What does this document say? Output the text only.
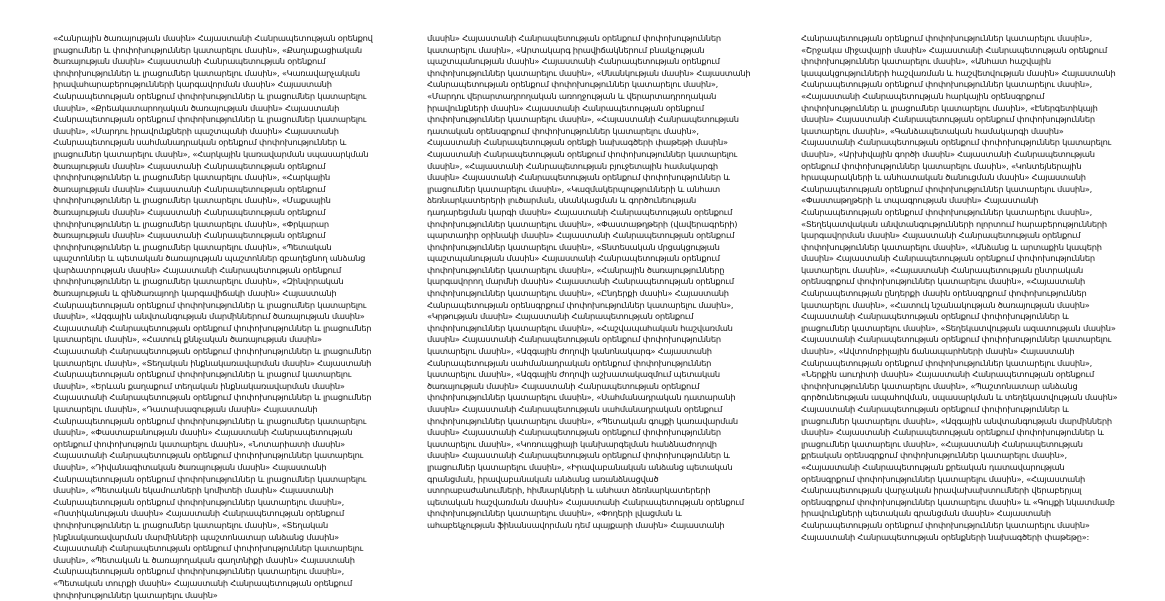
«Հանրային ծառայության մասին» Հայաստանի Հանրապետության օրենքով լրացումներ և փոփոխություններ կատարելու մասին», «Քաղաքացիական ծառայության մասին» Հայաստանի Հանրապետության օրենքում փոփոխություններ և լրացումներ կատարելու մասին», «Կառավարչական իրավահարաբերությունների կարգավորման մասին» Հայաստանի Հանրապետության օրենքում փոփոխություններ և լրացումներ կատարելու մասին», «Քրեակատարողական ծառայության մասին» Հայաստանի Հանրապետության օրենքում փոփոխություններ և լրացումներ կատարելու մասին», «Մարդու իրավունքների պաշտպանի մասին» Հայաստանի Հանրապետության սահմանադրական օրենքում փոփոխություններ և լրացումներ կատարելու մասին», «Հարկային կառավարման սպասարկման ծառայության մասին» Հայաստանի Հանրապետության օրենքում փոփոխություններ և լրացումներ կատարելու մասին», «Հարկային ծառայության մասին» Հայաստանի Հանրապետության օրենքում փոփոխություններ և լրացումներ կատարելու մասին», «Մաքսային ծառայության մասին» Հայաստանի Հանրապետության օրենքում փոփոխություններ և լրացումներ կատարելու մասին», «Փրկարար ծառայության մասին» Հայաստանի Հանրապետության օրենքում փոփոխություններ և լրացումներ կատարելու մասին», «Պետական պաշտոններ և պետական ծառայության պաշտոններ զբաղեցնող անձանց վարձատրության մասին» Հայաստանի Հանրապետության օրենքում փոփոխություններ և լրացումներ կատարելու մասին», «Զինվորական ծառայության և զինծառայողի կարգավիճակի մասին» Հայաստանի Հանրապետության օրենքում փոփոխություններ և լրացումներ կատարելու մասին», «Ազգային անվտանգության մարմիններում ծառայության մասին» Հայաստանի Հանրապետության օրենքում փոփոխություններ և լրացումներ կատարելու մասին», «Հատուկ քննչական ծառայության մասին» Հայաստանի Հանրապետության օրենքում փոփոխություններ և լրացումներ կատարելու մասին», «Տեղական ինքնակառավարման մասին» Հայաստանի Հանրապետության օրենքում փոփոխություններ և լրացում կատարելու մասին», «Երևան քաղաքում տեղական ինքնակառավարման մասին» Հայաստանի Հանրապետության օրենքում փոփոխություններ և լրացումներ կատարելու մասին», «Դատախազության մասին» Հայաստանի Հանրապետության օրենքում փոփոխություններ և լրացումներ կատարելու մասին», «Փաստաբանության մասին» Հայաստանի Հանրապետության օրենքում փոփոխություն կատարելու մասին», «Նոտարիատի մասին» Հայաստանի Հանրապետության օրենքում փոփոխություններ կատարելու մասին», «Դիվանագիտական ծառայության մասին» Հայաստանի Հանրապետության օրենքում փոփոխություններ և լրացումներ կատարելու մասին», «Պետական եկամուտների կոմիտեի մասին» Հայաստանի Հանրապետության օրենքում փոփոխություններ կատարելու մասին», «Ոստիկանության մասին» Հայաստանի Հանրապետության օրենքում փոփոխություններ և լրացումներ կատարելու մասին», «Տեղական ինքնակառավարման մարմինների պաշտոնատար անձանց մասին» Հայաստանի Հանրապետության օրենքում փոփոխություններ կատարելու մասին», «Պետական և ծառայողական գաղտնիքի մասին» Հայաստանի Հանրապետության օրենքում փոփոխություններ կատարելու մասին», «Պետական տուրքի մասին» Հայաստանի Հանրապետության օրենքում փոփոխություններ կատարելու մասին»
մասին» Հայաստանի Հանրապետության օրենքում փոփոխություններ կատարելու մասին», «Արտակարգ իրավիճակներում բնակչության պաշտպանության մասին» Հայաստանի Հանրապետության օրենքում փոփոխություններ կատարելու մասին», «Սնանկության մասին» Հայաստանի Հանրապետության օրենքում փոփոխություններ կատարելու մասին», «Մարդու վերարտադրողական առողջության և վերարտադրողական իրավունքների մասին» Հայաստանի Հանրապետության օրենքում փոփոխություններ կատարելու մասին», «Հայաստանի Հանրապետության դատական օրենսգրքում փոփոխություններ կատարելու մասին», Հայաստանի Հանրապետության օրենքի նախագծերի փաթեթի մասին» Հայաստանի Հանրապետության օրենքում փոփոխություններ կատարելու մասին», «Հայաստանի Հանրապետության բյուջետային համակարգի մասին» Հայաստանի Հանրապետության օրենքում փոփոխություններ և լրացումներ կատարելու մասին», «Կազմակերպությունների և անհատ ձեռնարկատերերի լուծարման, սնանկացման և գործունեության դադարեցման կարգի մասին» Հայաստանի Հանրապետության օրենքում փոփոխություններ կատարելու մասին», «Փաստաթղթերի (վավերագրերի) պարտադիր օրինակի մասին» Հայաստանի Հանրապետության օրենքում փոփոխություններ կատարելու մասին», «Տնտեսական մրցակցության պաշտպանության մասին» Հայաստանի Հանրապետության օրենքում փոփոխություններ կատարելու մասին», «Հանրային ծառայությունները կարգավորող մարմնի մասին» Հայաստանի Հանրապետության օրենքում փոփոխություններ կատարելու մասին», «Ընդերքի մասին» Հայաստանի Հանրապետության օրենսգրքում փոփոխություններ կատարելու մասին», «Կրթության մասին» Հայաստանի Հանրապետության օրենքում փոփոխություններ կատարելու մասին», «Հաշվապահական հաշվառման մասին» Հայաստանի Հանրապետության օրենքում փոփոխություններ կատարելու մասին», «Ազգային ժողովի կանոնակարգ» Հայաստանի Հանրապետության սահմանադրական օրենքում փոփոխություններ կատարելու մասին», «Ազգային ժողովի աշխատակազմում պետական ծառայության մասին» Հայաստանի Հանրապետության օրենքում փոփոխություններ կատարելու մասին», «Սահմանադրական դատարանի մասին» Հայաստանի Հանրապետության սահմանադրական օրենքում փոփոխություններ կատարելու մասին», «Պետական գույքի կառավարման մասին» Հայաստանի Հանրապետության օրենքում փոփոխություններ կատարելու մասին», «Կոռուպցիայի կանխարգելման հանձնաժողովի մասին» Հայաստանի Հանրապետության օրենքում փոփոխություններ և լրացումներ կատարելու մասին», «Իրավաբանական անձանց պետական գրանցման, իրավաբանական անձանց առանձնացված ստորաբաժանումների, հիմնարկների և անհատ ձեռնարկատերերի պետական հաշվառման մասին» Հայաստանի Հանրապետության օրենքում փոփոխություններ կատարելու մասին», «Փողերի լվացման և ահաբեկչության ֆինանսավորման դեմ պայքարի մասին» Հայաստանի
Հանրապետության օրենքում փոփոխություններ կատարելու մասին», «Շրջակա միջավայրի մասին» Հայաստանի Հանրապետության օրենքում փոփոխություններ կատարելու մասին», «Անհատ հաշվային կապակցությունների հաշվառման և հաշվետվության մասին» Հայաստանի Հանրապետության օրենքում փոփոխություններ կատարելու մասին», «Հայաստանի Հանրապետության հարկային օրենսգրքում փոփոխություններ և լրացումներ կատարելու մասին», «Էներգետիկայի մասին» Հայաստանի Հանրապետության օրենքում փոփոխություններ կատարելու մասին», «Գանձապետական համակարգի մասին» Հայաստանի Հանրապետության օրենքում փոփոխություններ կատարելու մասին», «Արխիվային գործի մասին» Հայաստանի Հանրապետության օրենքում փոփոխություններ կատարելու մասին», «Կոնտեյներային հրապարակների և անհատական ծանուցման մասին» Հայաստանի Հանրապետության օրենքում փոփոխություններ կատարելու մասին», «Փաստաթղթերի և տպագրության մասին» Հայաստանի Հանրապետության օրենքում փոփոխություններ կատարելու մասին», «Տեղեկատվական անվտանգությունների ոլորտում հարաբերությունների կարգավորման մասին» Հայաստանի Հանրապետության օրենքում փոփոխություններ կատարելու մասին», «Անձանց և արտաքին կապերի մասին» Հայաստանի Հանրապետության օրենքում փոփոխություններ կատարելու մասին», «Հայաստանի Հանրապետության ընտրական օրենսգրքում փոփոխություններ կատարելու մասին», «Հայաստանի Հանրապետության ընդերքի մասին օրենսգրքում փոփոխություններ կատարելու մասին», «Հատուկ նշանակության ծառայության մասին» Հայաստանի Հանրապետության օրենքում փոփոխություններ և լրացումներ կատարելու մասին», «Տեղեկատվության ազատության մասին» Հայաստանի Հանրապետության օրենքում փոփոխություններ կատարելու մասին», «Ավտոմոբիլային ճանապարհների մասին» Հայաստանի Հանրապետության օրենքում փոփոխություններ կատարելու մասին», «Ներքին աուդիտի մասին» Հայաստանի Հանրապետության օրենքում փոփոխություններ կատարելու մասին», «Պաշտոնատար անձանց գործունեության ապահովման, սպասարկման և տեղեկատվության մասին» Հայաստանի Հանրապետության օրենքում փոփոխություններ և լրացումներ կատարելու մասին», «Ազգային անվտանգության մարմինների մասին» Հայաստանի Հանրապետության օրենքում փոփոխություններ և լրացումներ կատարելու մասին», «Հայաստանի Հանրապետության քրեական օրենսգրքում փոփոխություններ կատարելու մասին», «Հայաստանի Հանրապետության քրեական դատավարության օրենսգրքում փոփոխություններ կատարելու մասին», «Հայաստանի Հանրապետության վարչական իրավախախտումների վերաբերյալ օրենսգրքում փոփոխություններ կատարելու մասին» և «Գույքի նկատմամբ իրավունքների պետական գրանցման մասին» Հայաստանի Հանրապետության օրենքում փոփոխություններ կատարելու մասին» Հայաստանի Հանրապետության օրենքների նախագծերի փաթեթը»:
